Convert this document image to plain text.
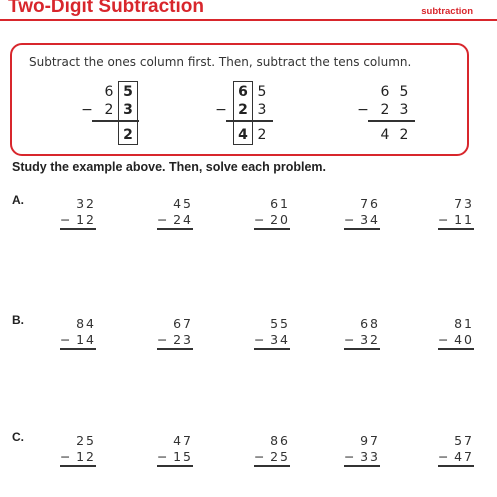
Two-Digit Subtraction	subtraction
Subtract the ones column first. Then, subtract the tens column.
6 5
− 2 3
2
6 5
− 2 3
4 2
6 5
− 2 3
4 2
Study the example above. Then, solve each problem.
A.	32
− 12
45
− 24
61
− 20
76
− 34
73
− 11
B.	84
− 14
67
− 23
55
− 34
68
− 32
81
− 40
C.	25
− 12
47
− 15
86
− 25
97
− 33
57
− 47
